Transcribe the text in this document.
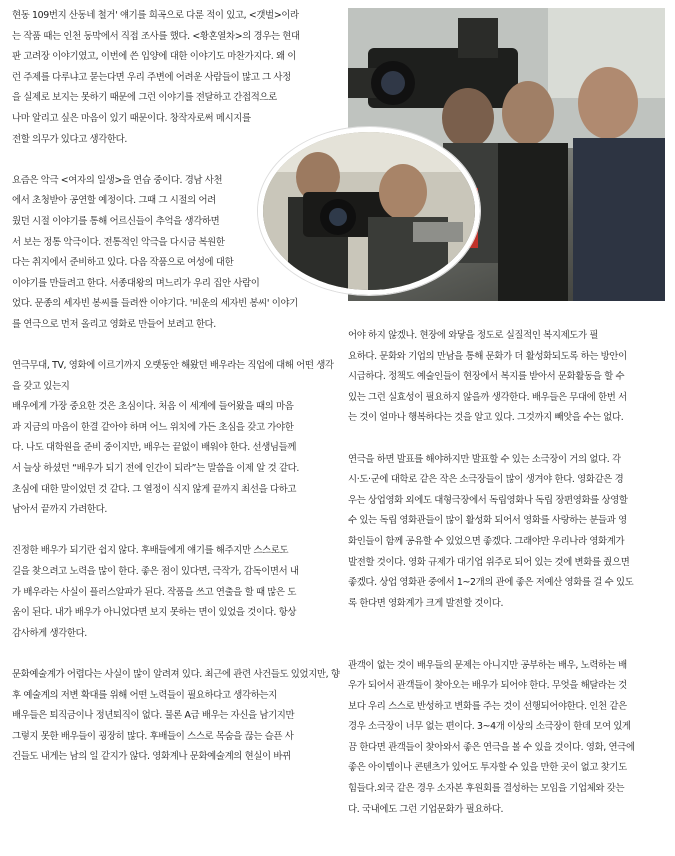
현동 109번지 산동네 철거' 얘기를 희곡으로 다룬 적이 있고, <갯벌>이라

는 작품 때는 인천 동막에서 직접 조사를 했다. <황혼열차>의 경우는 현대

판 고려장 이야기였고, 이번에 쓴 입양에 대한 이야기도 마찬가지다. 왜 이

런 주제를 다루냐고 묻는다면 우리 주변에 어려운 사람들이 많고 그 사정

을 실제로 보지는 못하기 때문에 그런 이야기를 전달하고 간접적으로

나마 알리고 싶은 마음이 있기 때문이다. 창작자로써 메시지를

전할 의무가 있다고 생각한다.

요즘은 악극 <여자의 일생>을 연습 중이다. 경남 사천

에서 초청받아 공연할 예정이다. 그때 그 시절의 어려

웠던 시절 이야기를 통해 어르신들이 추억을 생각하면

서 보는 정통 악극이다. 전통적인 악극을 다시금 복원한

다는 취지에서 준비하고 있다. 다음 작품으로 여성에 대한

이야기를 만들려고 한다. 서종대왕의 며느리가 우리 집안 사람이

었다. 문종의 세자빈 봉씨를 들려싼 이야기다. '비운의 세자빈 봉씨' 이야기

를 연극으로 먼저 올리고 영화로 만들어 보려고 한다.

연극무대, TV, 영화에 이르기까지 오랫동안 해왔던 배우라는 직업에 대해 어떤 생각

을 갖고 있는지

배우에게 가장 중요한 것은 초심이다. 처음 이 세계에 들어왔을 때의 마음

과 지금의 마음이 한결 같아야 하며 어느 위치에 가든 초심을 갖고 가야한

다. 나도 대학원을 준비 중이지만, 배우는 끝없이 배워야 한다. 선생님들께

서 늘상 하셨던 “배우가 되기 전에 인간이 되라”는 말씀을 이제 알 것 같다.

초심에 대한 말이었던 것 같다. 그 열정이 식지 않게 끝까지 최선을 다하고

남아서 끝까지 가려한다.

진정한 배우가 되기란 쉽지 않다. 후배들에게 얘기를 해주지만 스스로도

길을 찾으려고 노력을 많이 한다. 좋은 점이 있다면, 극작가, 감독이면서 내

가 배우라는 사실이 플러스알파가 된다. 작품을 쓰고 연출을 할 때 많은 도

움이 된다. 내가 배우가 아니었다면 보지 못하는 면이 있었을 것이다. 항상

감사하게 생각한다.

문화예술계가 어렵다는 사실이 많이 알려져 있다. 최근에 관련 사건들도 있었지만, 향

후 예술계의 저변 확대를 위해 어떤 노력들이 필요하다고 생각하는지

배우들은 퇴직금이나 정년퇴직이 없다. 물론 A급 배우는 자신을 남기지만

그렇지 못한 배우들이 굉장히 많다. 후배들이 스스로 목숨을 끊는 슬픈 사

건들도 내게는 남의 일 같지가 않다. 영화계나 문화예술계의 현실이 바뀌

어야 하지 않겠나. 현장에 와닿을 정도로 실질적인 복지제도가 필

요하다. 문화와 기업의 만남을 통해 문화가 더 활성화되도록 하는 방안이

시급하다. 정책도 예술인들이 현장에서 복지를 받아서 문화활동을 할 수

있는 그런 실효성이 필요하지 않을까 생각한다. 배우들은 무대에 한번 서

는 것이 얼마나 행복하다는 것을 알고 있다. 그것까지 빼앗을 수는 없다.

연극을 하면 발표를 해야하지만 발표할 수 있는 소극장이 거의 없다. 각

시·도·군에 대학로 같은 작은 소극장들이 많이 생겨야 한다. 영화같은 경

우는 상업영화 외에도 대형극장에서 독립영화나 독립 장편영화를 상영할

수 있는 독립 영화관들이 많이 활성화 되어서 영화를 사랑하는 분들과 영

화인들이 함께 공유할 수 있었으면 좋겠다. 그래야만 우리나라 영화계가

발전할 것이다. 영화 규제가 대기업 위주로 되어 있는 것에 변화를 줬으면

좋겠다. 상업 영화관 중에서 1~2개의 관에 좋은 저예산 영화를 걸 수 있도

록 한다면 영화계가 크게 발전할 것이다.

관객이 없는 것이 배우들의 문제는 아니지만 공부하는 배우, 노력하는 배

우가 되어서 관객들이 찾아오는 배우가 되어야 한다. 무엇을 해달라는 것

보다 우리 스스로 반성하고 변화를 주는 것이 선행되어야한다. 인천 같은

경우 소극장이 너무 없는 편이다. 3~4개 이상의 소극장이 한데 모여 있게

끔 한다면 관객들이 찾아와서 좋은 연극을 볼 수 있을 것이다. 영화, 연극에

좋은 아이템이나 콘텐츠가 있어도 투자할 수 있을 만한 곳이 없고 찾기도

힘들다.외국 같은 경우 소자본 후원회를 결성하는 모임을 기업체와 갖는

다. 국내에도 그런 기업문화가 필요하다.
